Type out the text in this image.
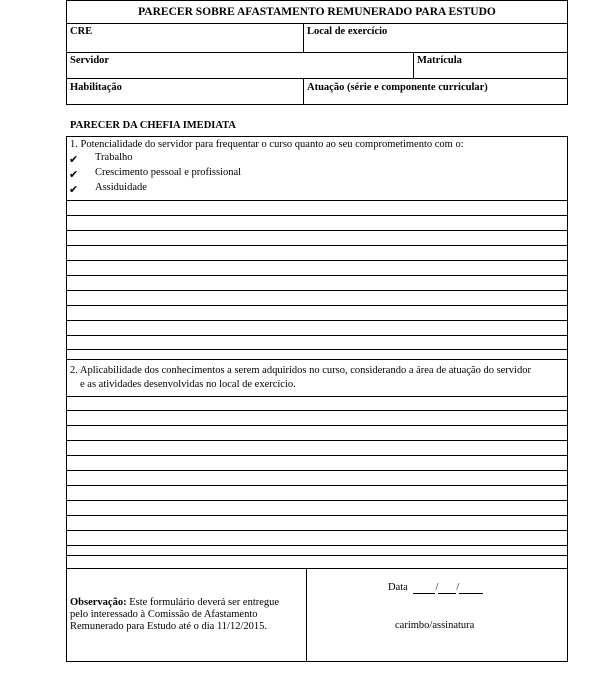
PARECER SOBRE AFASTAMENTO REMUNERADO PARA ESTUDO
CRE	Local de exercício
Servidor	Matrícula
Habilitação	Atuação (série e componente curricular)
PARECER DA CHEFIA IMEDIATA
1. Potencialidade do servidor para frequentar o curso quanto ao seu comprometimento com o:
✔ Trabalho
✔ Crescimento pessoal e profissional
✔ Assiduidade
2. Aplicabilidade dos conhecimentos a serem adquiridos no curso, considerando a área de atuação do servidor
e as atividades desenvolvidas no local de exercício.
Observação: Este formulário deverá ser entregue
pelo interessado à Comissão de Afastamento
Remunerado para Estudo até o dia 11/12/2015.
Data	/ /
carimbo/assinatura
